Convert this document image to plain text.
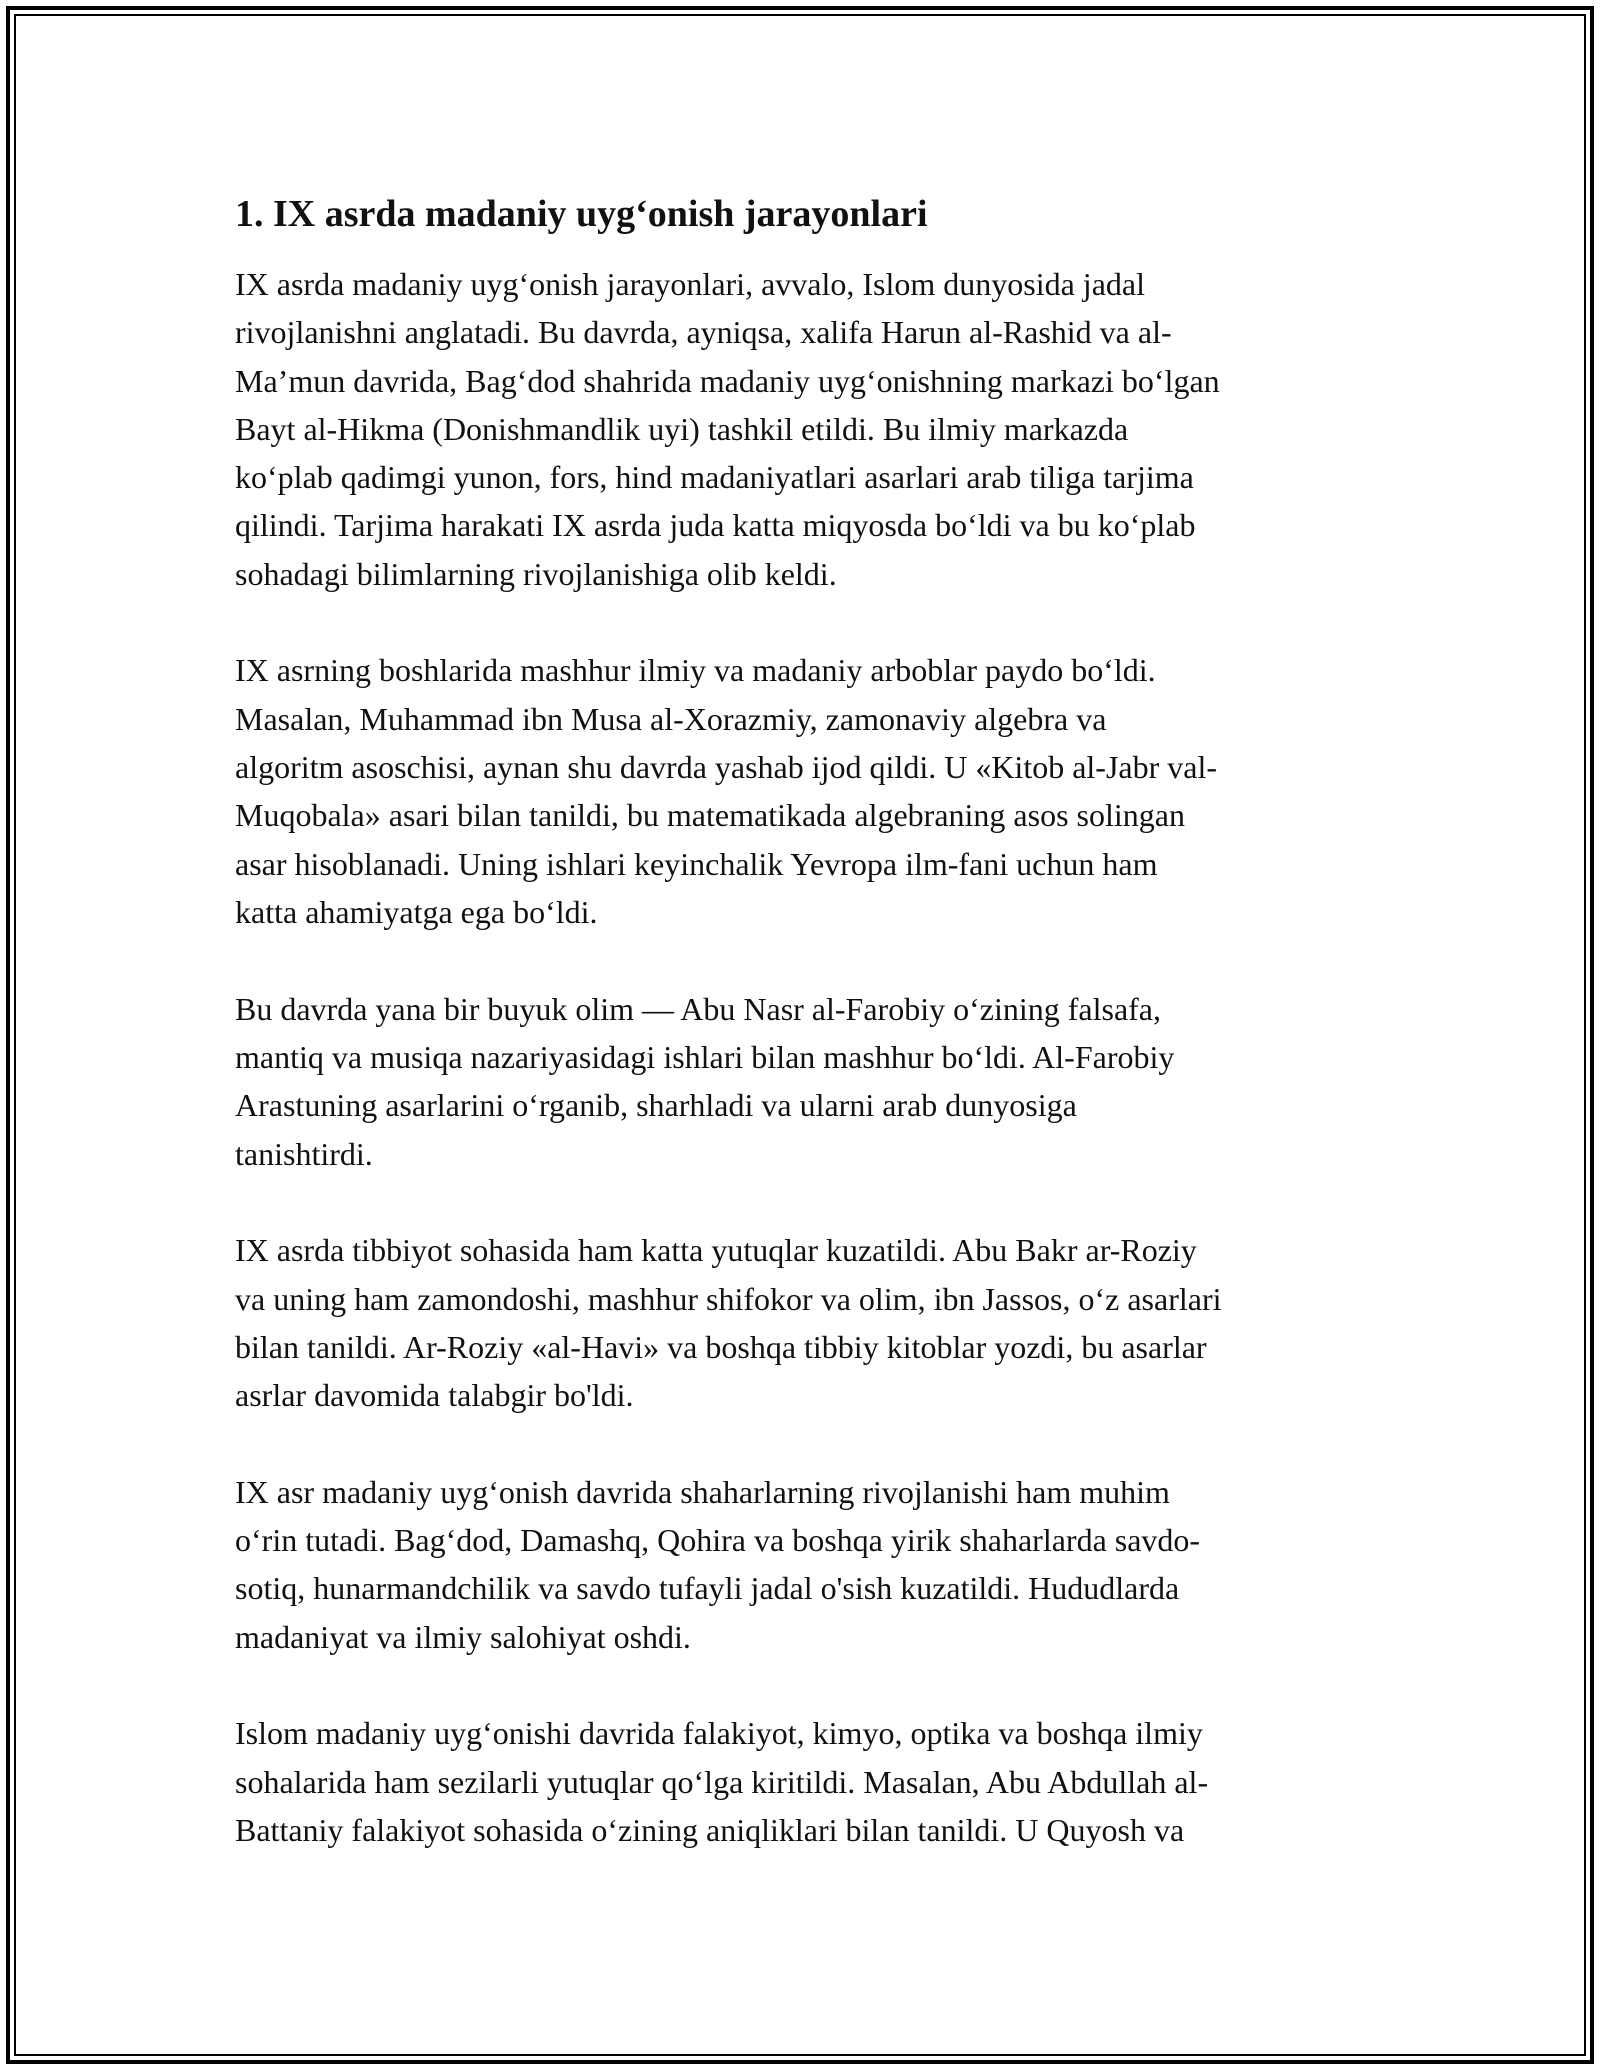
1. IX asrda madaniy uyg‘onish jarayonlari

IX asrda madaniy uyg‘onish jarayonlari, avvalo, Islom dunyosida jadal
rivojlanishni anglatadi. Bu davrda, ayniqsa, xalifa Harun al-Rashid va al-
Ma’mun davrida, Bag‘dod shahrida madaniy uyg‘onishning markazi bo‘lgan
Bayt al-Hikma (Donishmandlik uyi) tashkil etildi. Bu ilmiy markazda
ko‘plab qadimgi yunon, fors, hind madaniyatlari asarlari arab tiliga tarjima
qilindi. Tarjima harakati IX asrda juda katta miqyosda bo‘ldi va bu ko‘plab
sohadagi bilimlarning rivojlanishiga olib keldi.

IX asrning boshlarida mashhur ilmiy va madaniy arboblar paydo bo‘ldi.
Masalan, Muhammad ibn Musa al-Xorazmiy, zamonaviy algebra va
algoritm asoschisi, aynan shu davrda yashab ijod qildi. U «Kitob al-Jabr val-
Muqobala» asari bilan tanildi, bu matematikada algebraning asos solingan
asar hisoblanadi. Uning ishlari keyinchalik Yevropa ilm-fani uchun ham
katta ahamiyatga ega bo‘ldi.

Bu davrda yana bir buyuk olim — Abu Nasr al-Farobiy o‘zining falsafa,
mantiq va musiqa nazariyasidagi ishlari bilan mashhur bo‘ldi. Al-Farobiy
Arastuning asarlarini o‘rganib, sharhladi va ularni arab dunyosiga
tanishtirdi.

IX asrda tibbiyot sohasida ham katta yutuqlar kuzatildi. Abu Bakr ar-Roziy
va uning ham zamondoshi, mashhur shifokor va olim, ibn Jassos, o‘z asarlari
bilan tanildi. Ar-Roziy «al-Havi» va boshqa tibbiy kitoblar yozdi, bu asarlar
asrlar davomida talabgir bo'ldi.

IX asr madaniy uyg‘onish davrida shaharlarning rivojlanishi ham muhim
o‘rin tutadi. Bag‘dod, Damashq, Qohira va boshqa yirik shaharlarda savdo-
sotiq, hunarmandchilik va savdo tufayli jadal o'sish kuzatildi. Hududlarda
madaniyat va ilmiy salohiyat oshdi.

Islom madaniy uyg‘onishi davrida falakiyot, kimyo, optika va boshqa ilmiy
sohalarida ham sezilarli yutuqlar qo‘lga kiritildi. Masalan, Abu Abdullah al-
Battaniy falakiyot sohasida o‘zining aniqliklari bilan tanildi. U Quyosh va
